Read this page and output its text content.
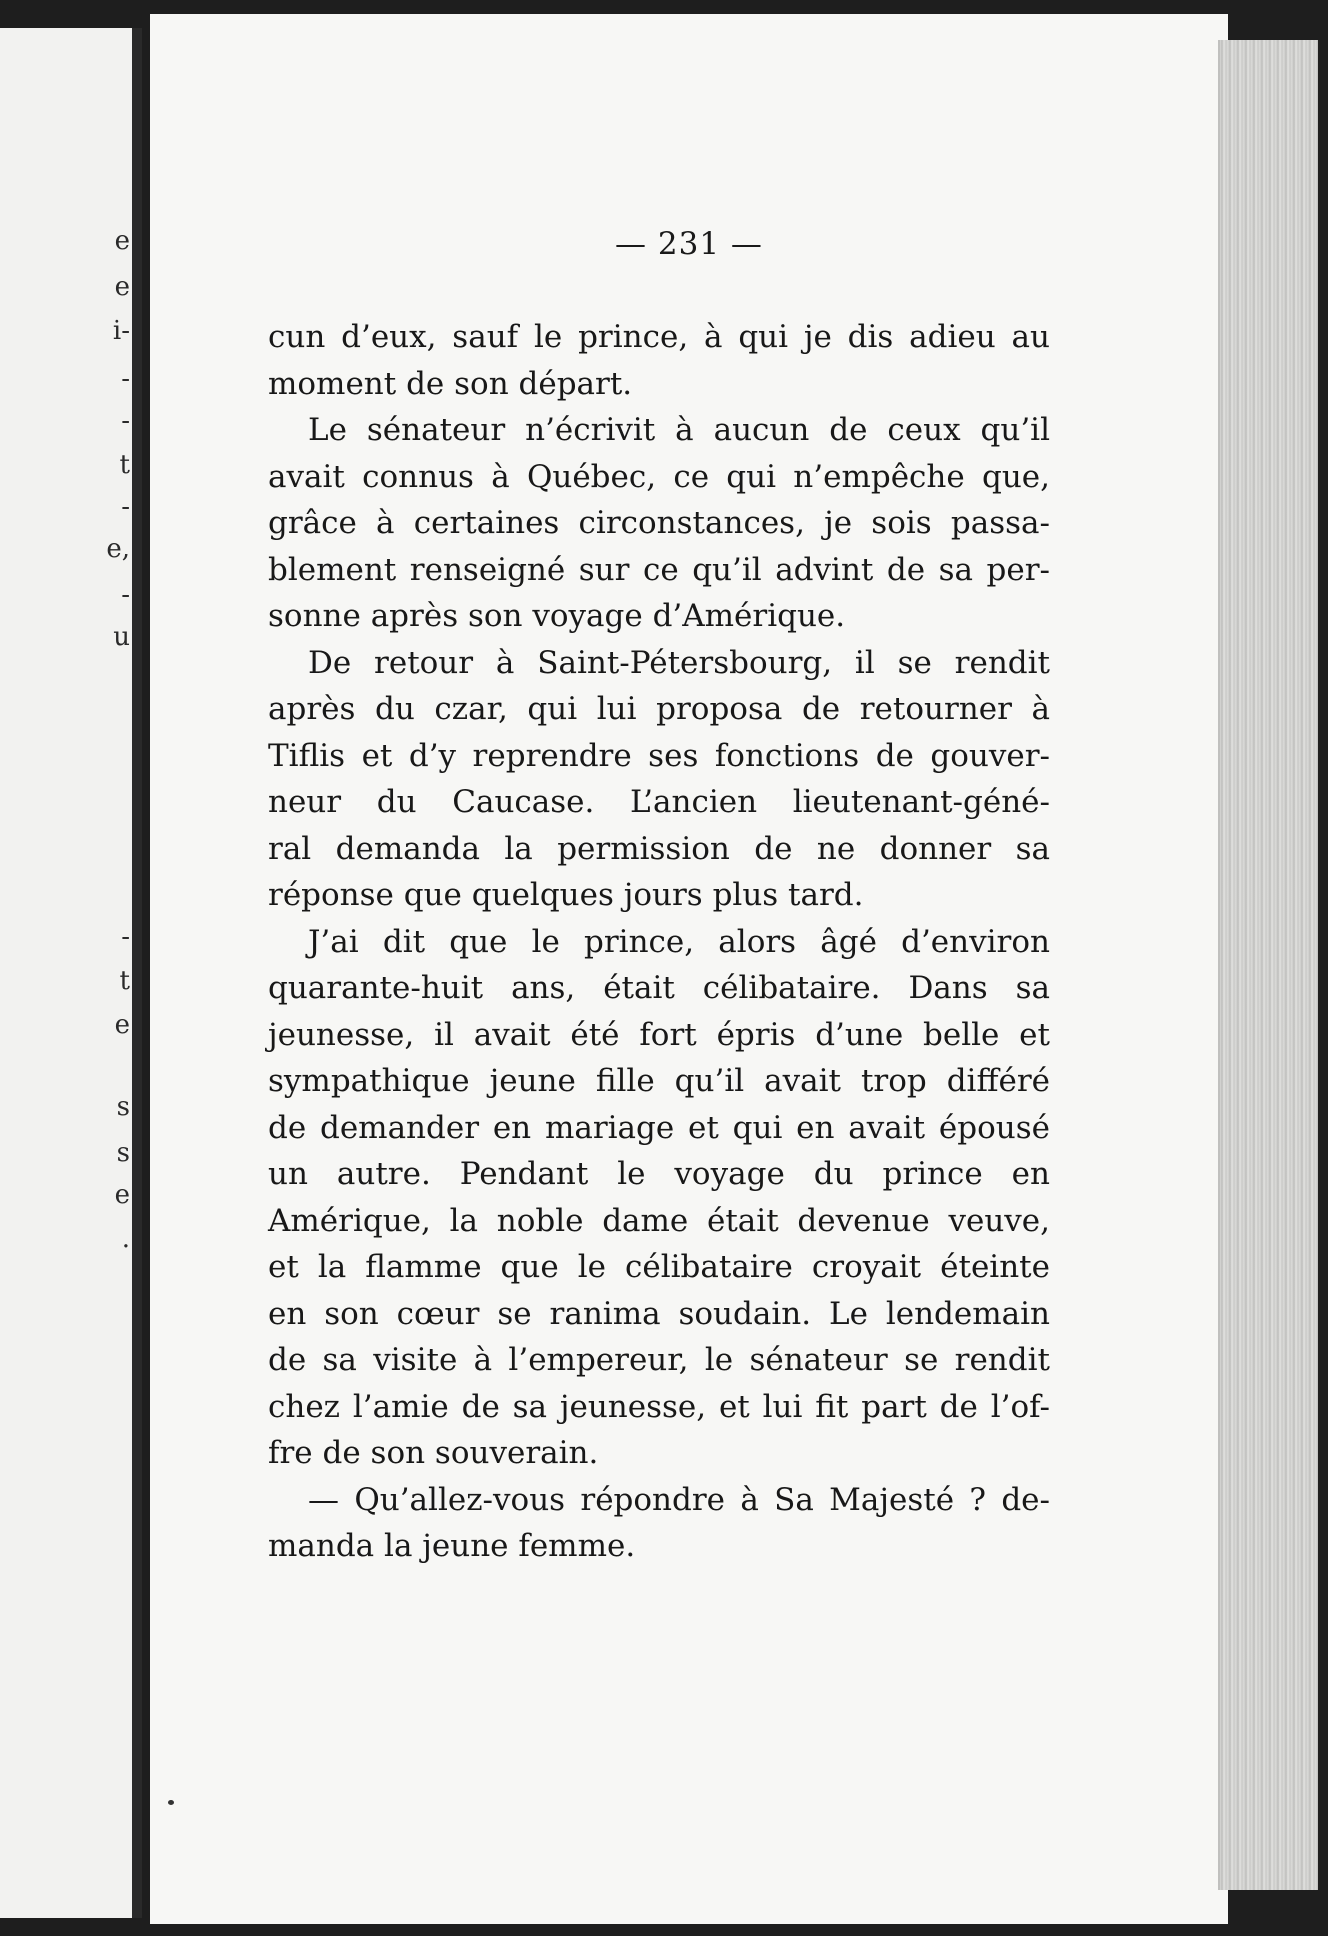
e
e
i-
-
-
t
-
e,
-
u
-
t
e
s
s
e
.
— 231 —
cun d’eux, sauf le prince, à qui je dis adieu au
moment de son départ.
Le sénateur n’écrivit à aucun de ceux qu’il
avait connus à Québec, ce qui n’empêche que,
grâce à certaines circonstances, je sois passa-
blement renseigné sur ce qu’il advint de sa per-
sonne après son voyage d’Amérique.
De retour à Saint-Pétersbourg, il se rendit
après du czar, qui lui proposa de retourner à
Tiflis et d’y reprendre ses fonctions de gouver-
neur du Caucase. L’ancien lieutenant-géné-
ral demanda la permission de ne donner sa
réponse que quelques jours plus tard.
J’ai dit que le prince, alors âgé d’environ
quarante-huit ans, était célibataire. Dans sa
jeunesse, il avait été fort épris d’une belle et
sympathique jeune fille qu’il avait trop différé
de demander en mariage et qui en avait épousé
un autre. Pendant le voyage du prince en
Amérique, la noble dame était devenue veuve,
et la flamme que le célibataire croyait éteinte
en son cœur se ranima soudain. Le lendemain
de sa visite à l’empereur, le sénateur se rendit
chez l’amie de sa jeunesse, et lui fit part de l’of-
fre de son souverain.
— Qu’allez-vous répondre à Sa Majesté ? de-
manda la jeune femme.
